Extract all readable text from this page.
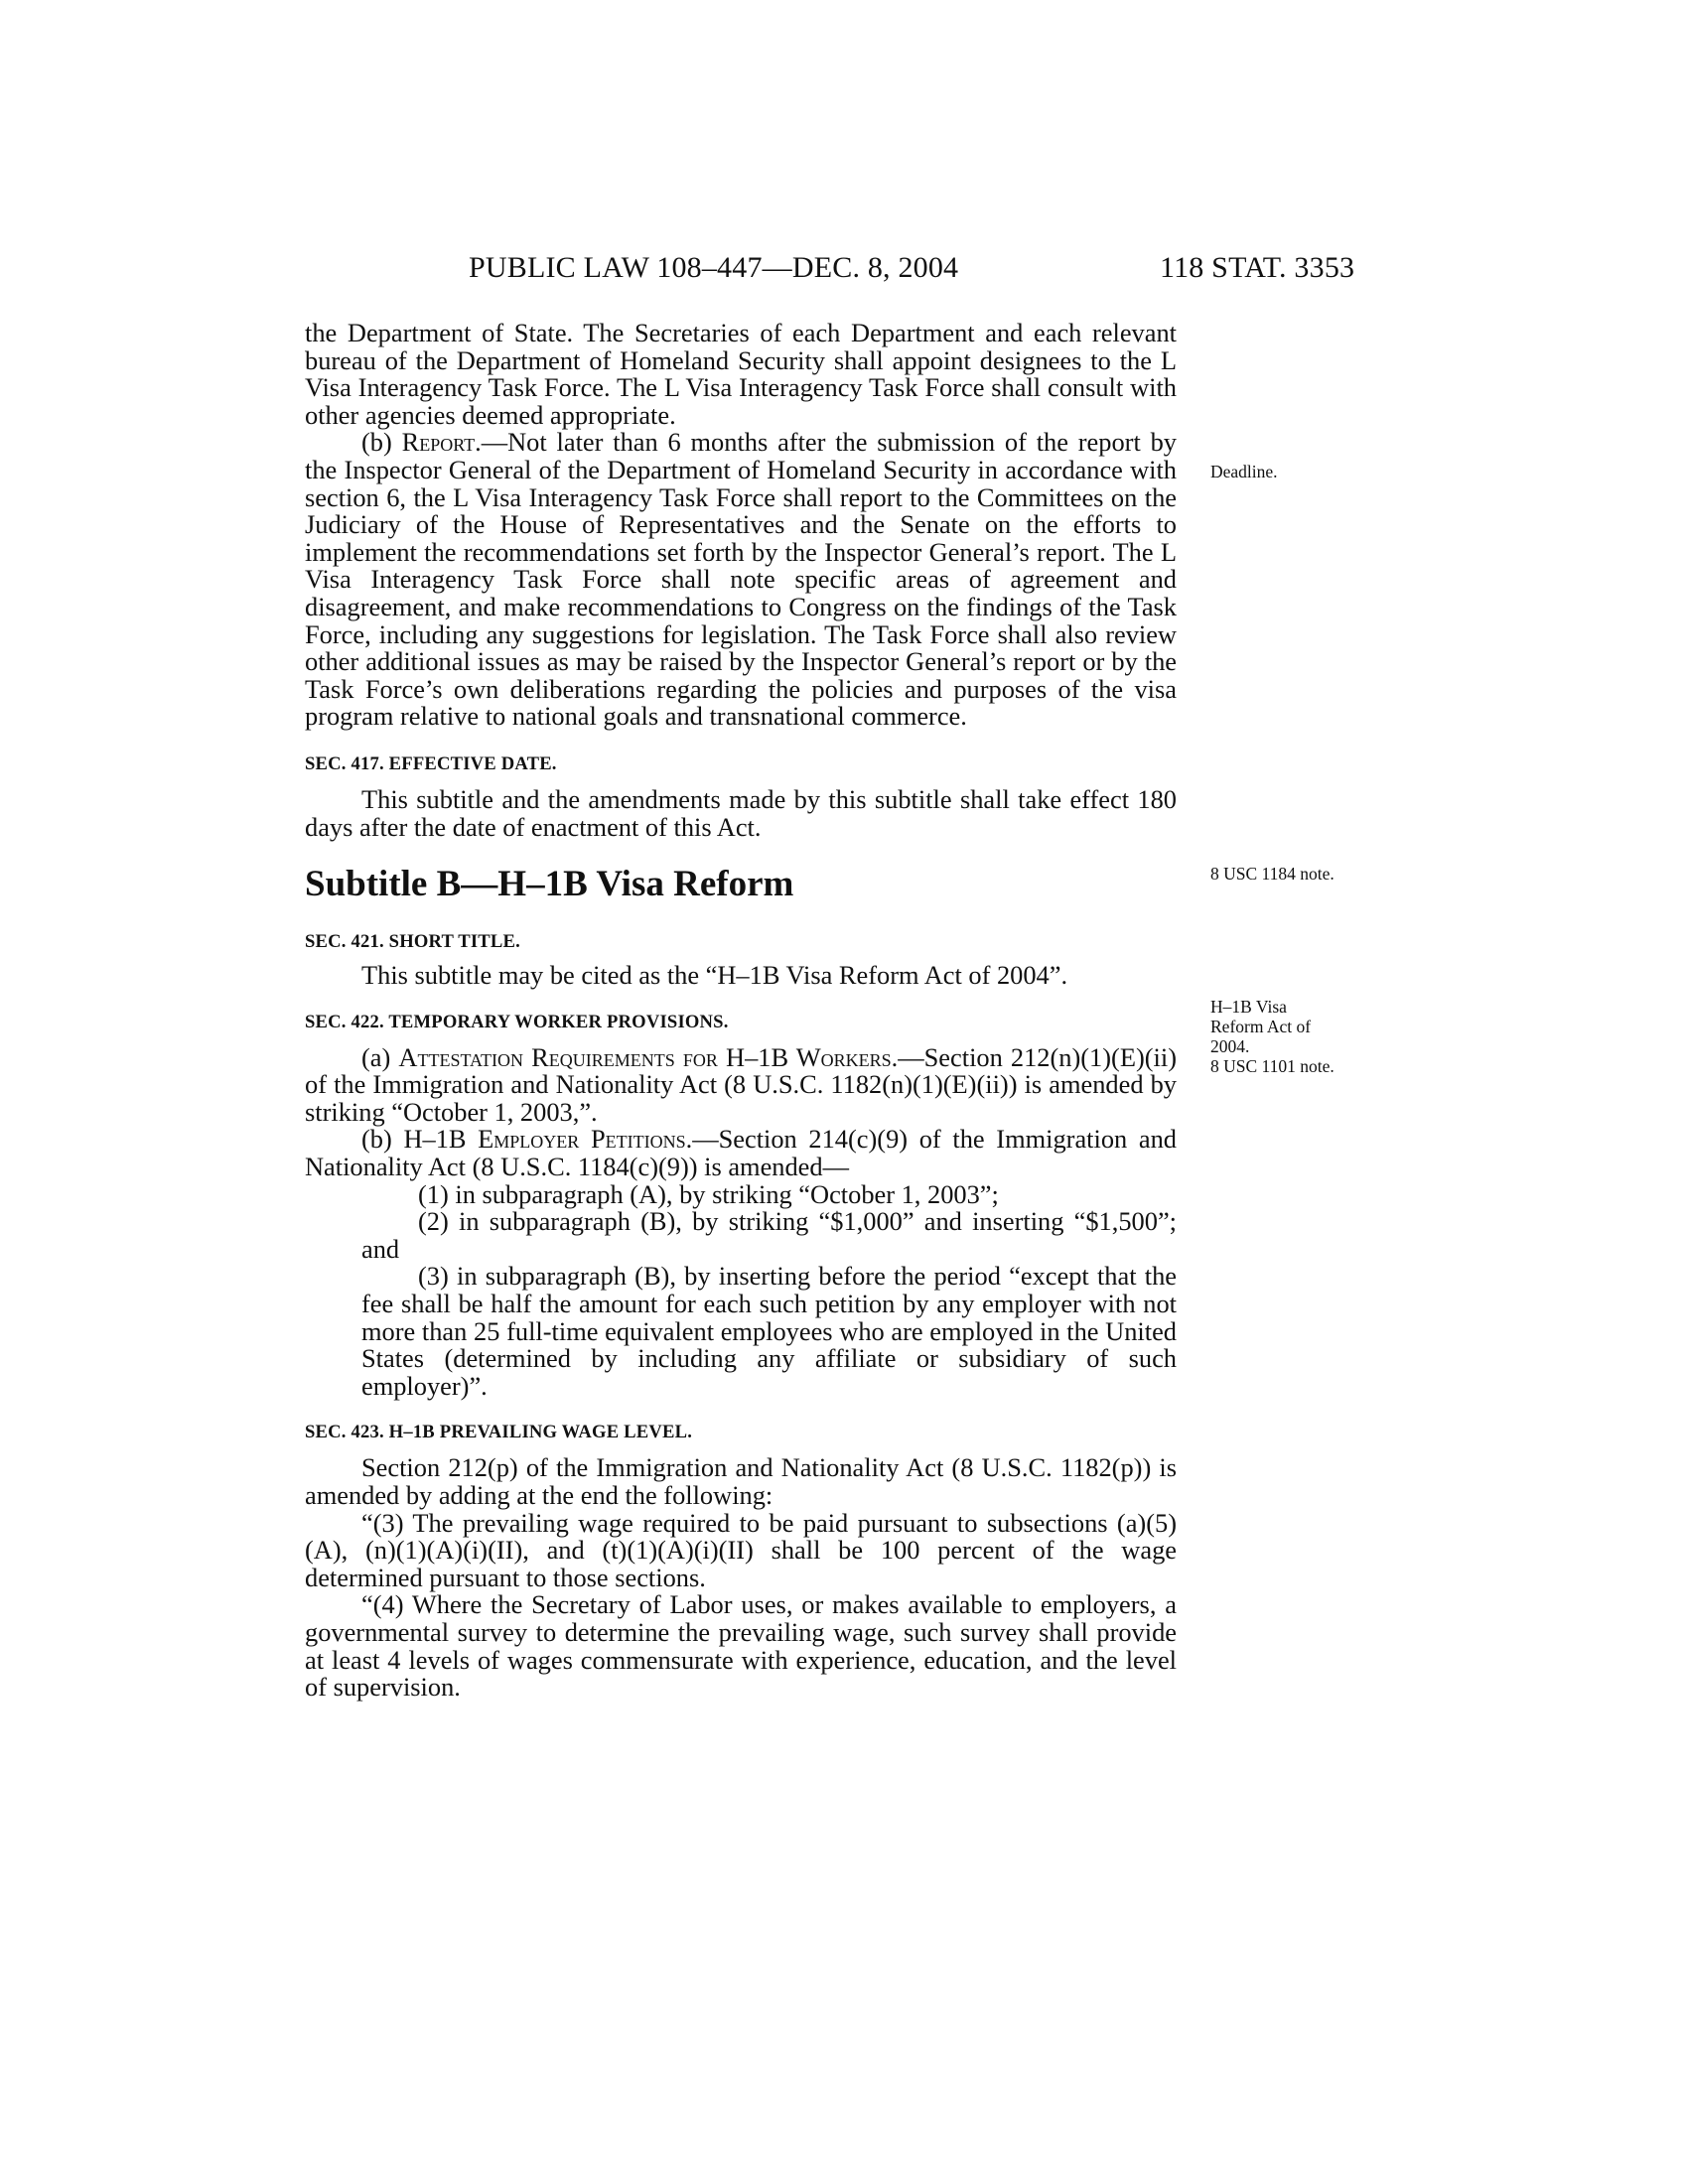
PUBLIC LAW 108–447—DEC. 8, 2004	118 STAT. 3353

the Department of State. The Secretaries of each Department and each relevant bureau of the Department of Homeland Security shall appoint designees to the L Visa Interagency Task Force. The L Visa Interagency Task Force shall consult with other agencies deemed appropriate.

(b) Report.—Not later than 6 months after the submission of the report by the Inspector General of the Department of Homeland Security in accordance with section 6, the L Visa Interagency Task Force shall report to the Committees on the Judiciary of the House of Representatives and the Senate on the efforts to implement the recommendations set forth by the Inspector General’s report. The L Visa Interagency Task Force shall note specific areas of agreement and disagreement, and make recommendations to Congress on the findings of the Task Force, including any suggestions for legislation. The Task Force shall also review other additional issues as may be raised by the Inspector General’s report or by the Task Force’s own deliberations regarding the policies and purposes of the visa program relative to national goals and transnational commerce.

SEC. 417. EFFECTIVE DATE.

This subtitle and the amendments made by this subtitle shall take effect 180 days after the date of enactment of this Act.

Subtitle B—H–1B Visa Reform

SEC. 421. SHORT TITLE.

This subtitle may be cited as the “H–1B Visa Reform Act of 2004”.

SEC. 422. TEMPORARY WORKER PROVISIONS.

(a) Attestation Requirements for H–1B Workers.—Section 212(n)(1)(E)(ii) of the Immigration and Nationality Act (8 U.S.C. 1182(n)(1)(E)(ii)) is amended by striking “October 1, 2003,”.

(b) H–1B Employer Petitions.—Section 214(c)(9) of the Immigration and Nationality Act (8 U.S.C. 1184(c)(9)) is amended—

(1) in subparagraph (A), by striking “October 1, 2003”;

(2) in subparagraph (B), by striking “$1,000” and inserting “$1,500”; and

(3) in subparagraph (B), by inserting before the period “except that the fee shall be half the amount for each such petition by any employer with not more than 25 full-time equivalent employees who are employed in the United States (determined by including any affiliate or subsidiary of such employer)”.

SEC. 423. H–1B PREVAILING WAGE LEVEL.

Section 212(p) of the Immigration and Nationality Act (8 U.S.C. 1182(p)) is amended by adding at the end the following:

“(3) The prevailing wage required to be paid pursuant to subsections (a)(5)(A), (n)(1)(A)(i)(II), and (t)(1)(A)(i)(II) shall be 100 percent of the wage determined pursuant to those sections.

“(4) Where the Secretary of Labor uses, or makes available to employers, a governmental survey to determine the prevailing wage, such survey shall provide at least 4 levels of wages commensurate with experience, education, and the level of supervision.

Deadline.
8 USC 1184 note.
H–1B Visa
Reform Act of
2004.
8 USC 1101 note.
